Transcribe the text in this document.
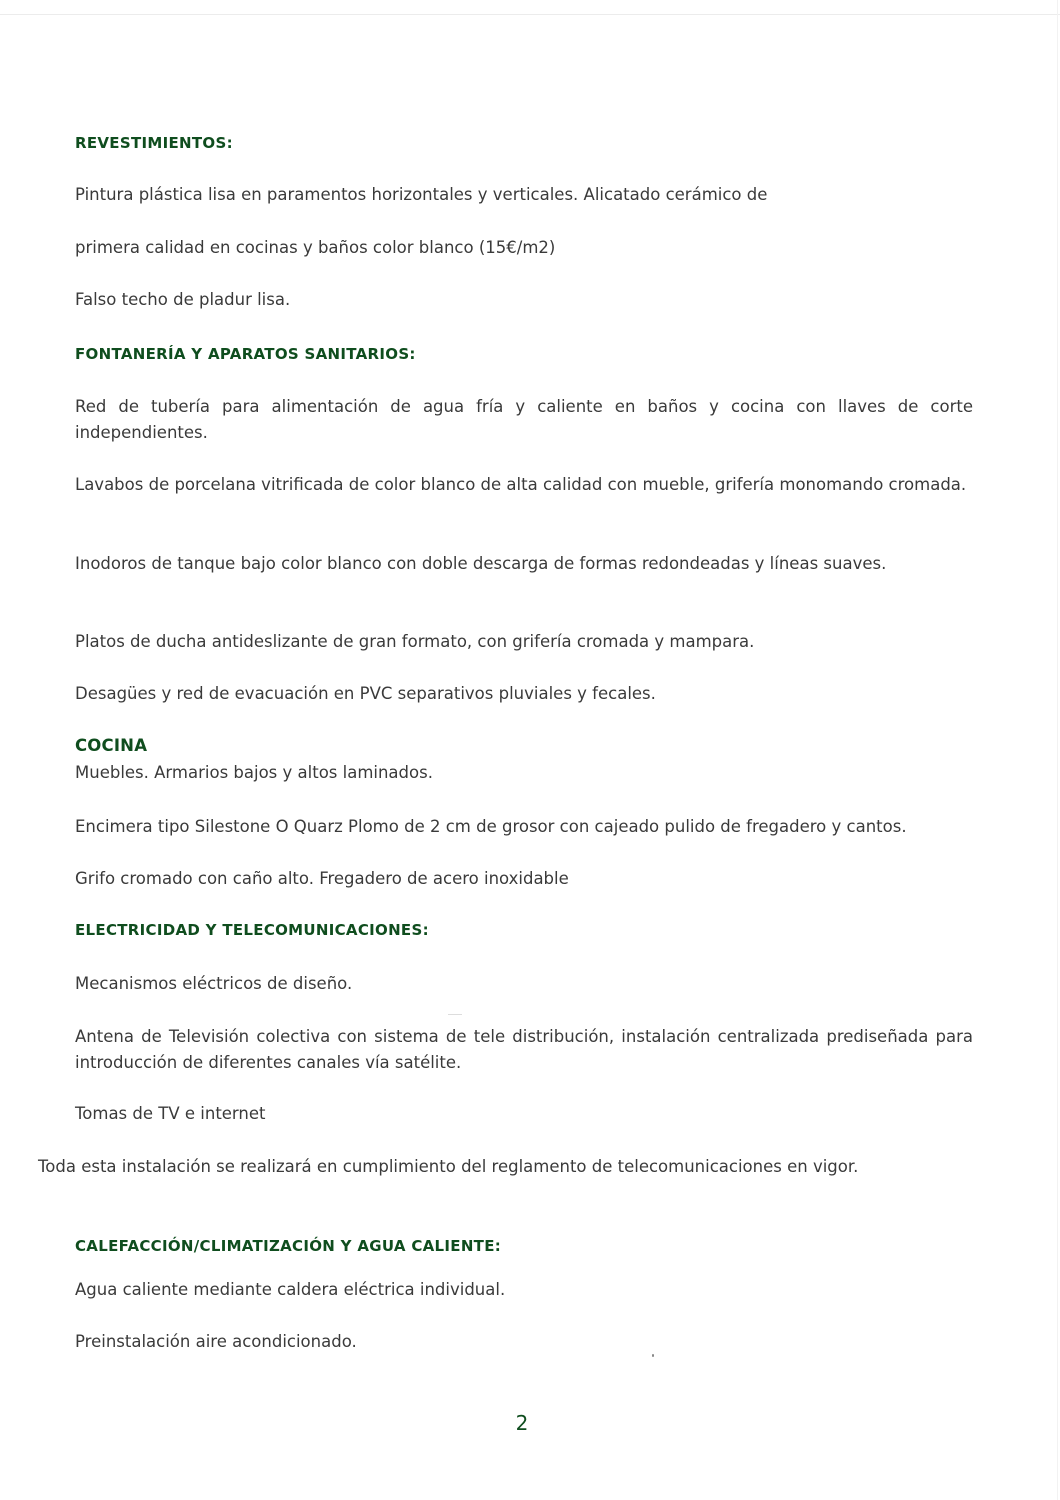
REVESTIMIENTOS:

Pintura plástica lisa en paramentos horizontales y verticales. Alicatado cerámico de

primera calidad en cocinas y baños color blanco (15€/m2)

Falso techo de pladur lisa.

FONTANERÍA Y APARATOS SANITARIOS:

Red de tubería para alimentación de agua fría y caliente en baños y cocina con llaves de corte independientes.

Lavabos de porcelana vitrificada de color blanco de alta calidad con mueble, grifería monomando cromada.

Inodoros de tanque bajo color blanco con doble descarga de formas redondeadas y líneas suaves.

Platos de ducha antideslizante de gran formato, con grifería cromada y mampara.

Desagües y red de evacuación en PVC separativos pluviales y fecales.

COCINA

Muebles. Armarios bajos y altos laminados.

Encimera tipo Silestone O Quarz Plomo de 2 cm de grosor con cajeado pulido de fregadero y cantos.

Grifo cromado con caño alto. Fregadero de acero inoxidable

ELECTRICIDAD Y TELECOMUNICACIONES:

Mecanismos eléctricos de diseño.

Antena de Televisión colectiva con sistema de tele distribución, instalación centralizada prediseñada para introducción de diferentes canales vía satélite.

Tomas de TV e internet

Toda esta instalación se realizará en cumplimiento del reglamento de telecomunicaciones en vigor.

CALEFACCIÓN/CLIMATIZACIÓN Y AGUA CALIENTE:

Agua caliente mediante caldera eléctrica individual.

Preinstalación aire acondicionado.

2
